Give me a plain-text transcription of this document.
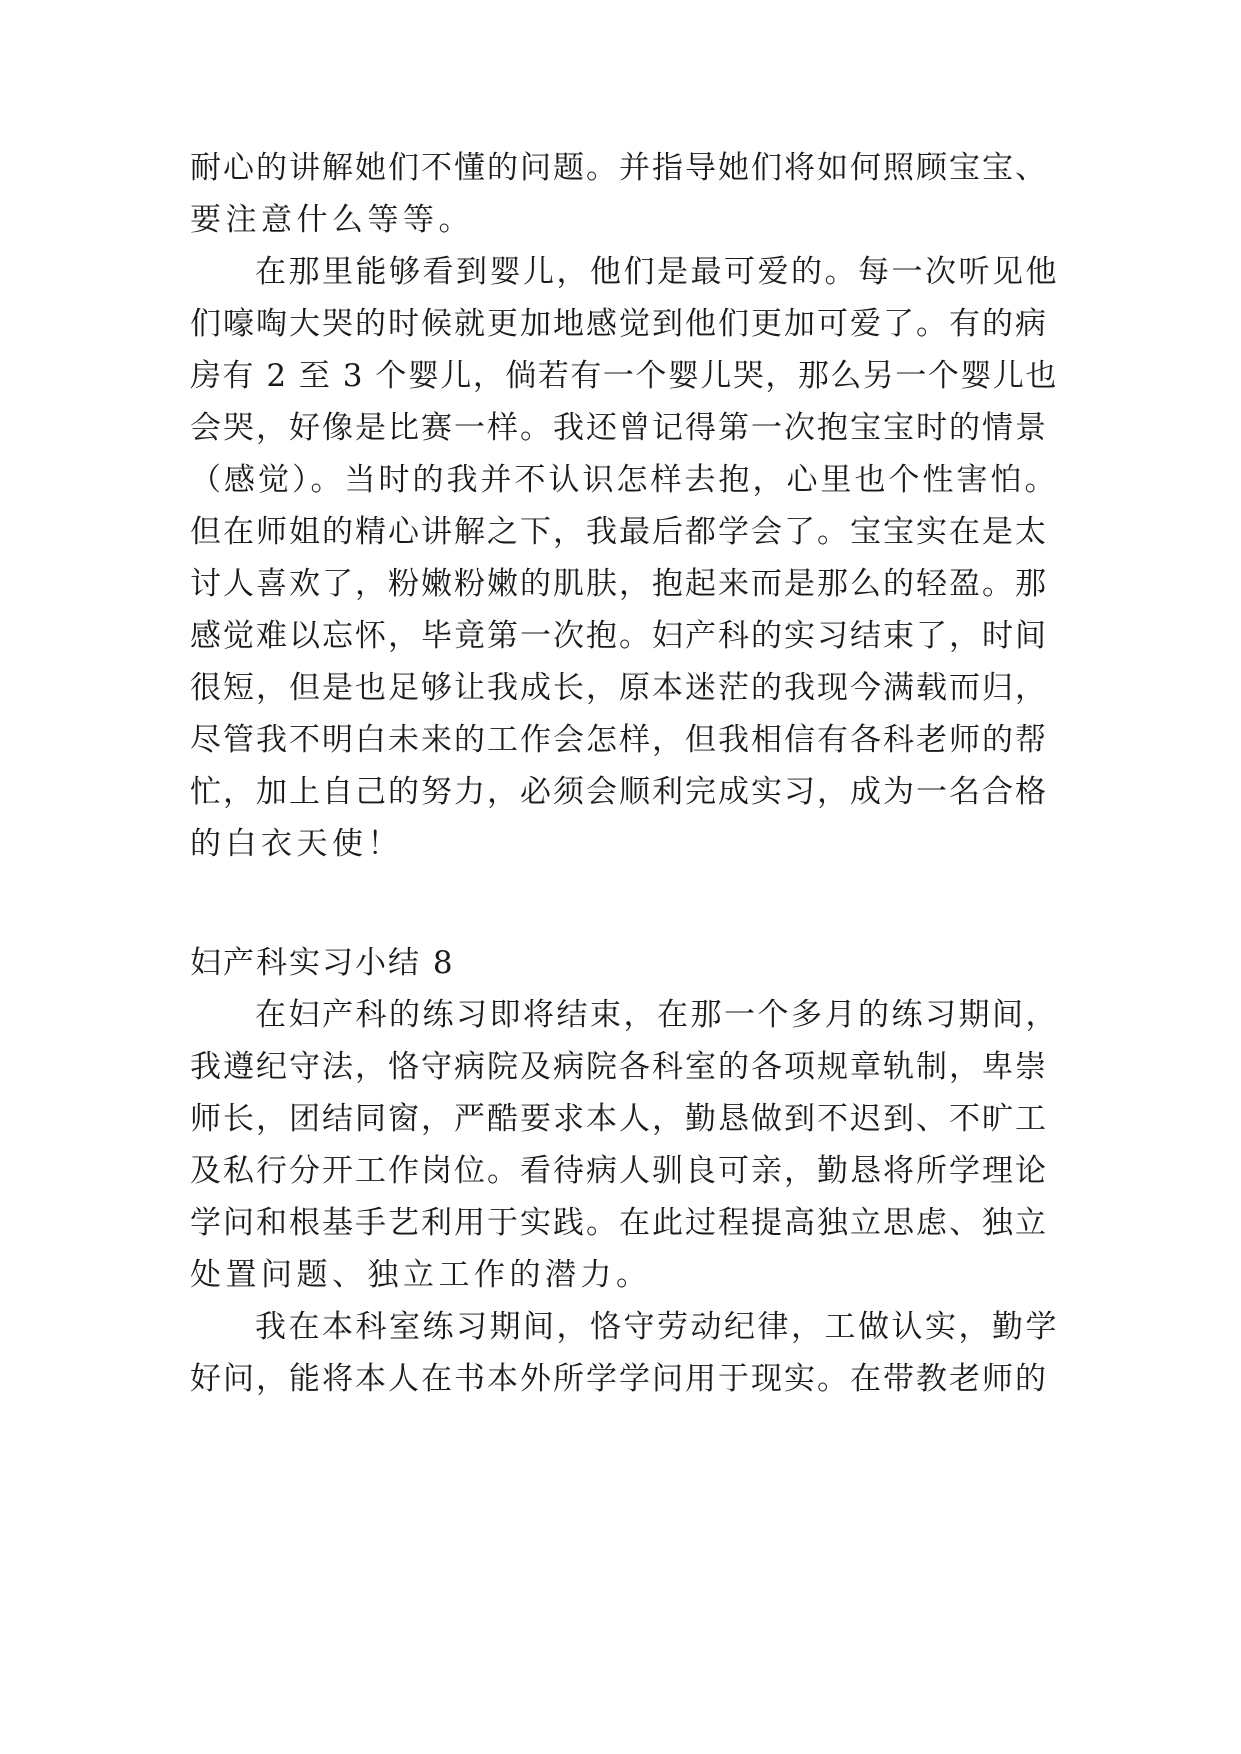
耐心的讲解她们不懂的问题。并指导她们将如何照顾宝宝、

要注意什么等等。

在那里能够看到婴儿，他们是最可爱的。每一次听见他

们嚎啕大哭的时候就更加地感觉到他们更加可爱了。有的病

房有 2 至 3 个婴儿，倘若有一个婴儿哭，那么另一个婴儿也

会哭，好像是比赛一样。我还曾记得第一次抱宝宝时的情景

（感觉）。当时的我并不认识怎样去抱，心里也个性害怕。

但在师姐的精心讲解之下，我最后都学会了。宝宝实在是太

讨人喜欢了，粉嫩粉嫩的肌肤，抱起来而是那么的轻盈。那

感觉难以忘怀，毕竟第一次抱。妇产科的实习结束了，时间

很短，但是也足够让我成长，原本迷茫的我现今满载而归，

尽管我不明白未来的工作会怎样，但我相信有各科老师的帮

忙，加上自己的努力，必须会顺利完成实习，成为一名合格

的白衣天使！

妇产科实习小结 8

在妇产科的练习即将结束，在那一个多月的练习期间，

我遵纪守法，恪守病院及病院各科室的各项规章轨制，卑崇

师长，团结同窗，严酷要求本人，勤恳做到不迟到、不旷工

及私行分开工作岗位。看待病人驯良可亲，勤恳将所学理论

学问和根基手艺利用于实践。在此过程提高独立思虑、独立

处置问题、独立工作的潜力。

我在本科室练习期间，恪守劳动纪律，工做认实，勤学

好问，能将本人在书本外所学学问用于现实。在带教老师的
